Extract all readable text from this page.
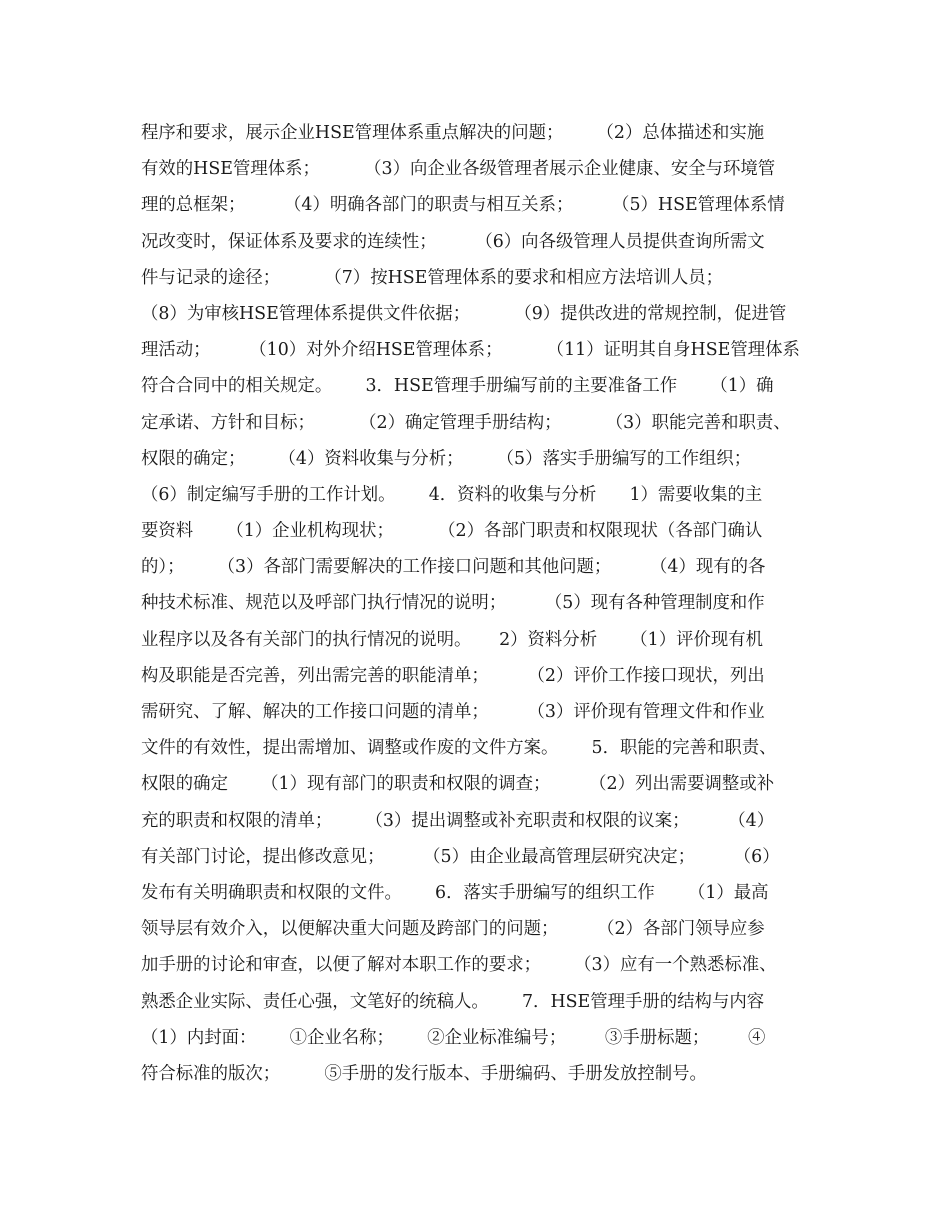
程序和要求，展示企业HSE管理体系重点解决的问题；      （2）总体描述和实施
有效的HSE管理体系；        （3）向企业各级管理者展示企业健康、安全与环境管
理的总框架；       （4）明确各部门的职责与相互关系；       （5）HSE管理体系情
况改变时，保证体系及要求的连续性；       （6）向各级管理人员提供查询所需文
件与记录的途径；        （7）按HSE管理体系的要求和相应方法培训人员；
（8）为审核HSE管理体系提供文件依据；        （9）提供改进的常规控制，促进管
理活动；       （10）对外介绍HSE管理体系；        （11）证明其自身HSE管理体系
符合合同中的相关规定。      3．HSE管理手册编写前的主要准备工作      （1）确
定承诺、方针和目标；        （2）确定管理手册结构；        （3）职能完善和职责、
权限的确定；      （4）资料收集与分析；      （5）落实手册编写的工作组织；
（6）制定编写手册的工作计划。      4．资料的收集与分析      1）需要收集的主
要资料      （1）企业机构现状；        （2）各部门职责和权限现状（各部门确认
的）；      （3）各部门需要解决的工作接口问题和其他问题；       （4）现有的各
种技术标准、规范以及呼部门执行情况的说明；       （5）现有各种管理制度和作
业程序以及各有关部门的执行情况的说明。     2）资料分析      （1）评价现有机
构及职能是否完善，列出需完善的职能清单；       （2）评价工作接口现状，列出
需研究、了解、解决的工作接口问题的清单；       （3）评价现有管理文件和作业
文件的有效性，提出需增加、调整或作废的文件方案。      5．职能的完善和职责、
权限的确定      （1）现有部门的职责和权限的调查；       （2）列出需要调整或补
充的职责和权限的清单；      （3）提出调整或补充职责和权限的议案；       （4）
有关部门讨论，提出修改意见；       （5）由企业最高管理层研究决定；       （6）
发布有关明确职责和权限的文件。      6．落实手册编写的组织工作      （1）最高
领导层有效介入，以便解决重大问题及跨部门的问题；       （2）各部门领导应参
加手册的讨论和审查，以便了解对本职工作的要求；      （3）应有一个熟悉标准、
熟悉企业实际、责任心强，文笔好的统稿人。      7．HSE管理手册的结构与内容
（1）内封面：      ①企业名称；      ②企业标准编号；       ③手册标题；       ④
符合标准的版次；        ⑤手册的发行版本、手册编码、手册发放控制号。
